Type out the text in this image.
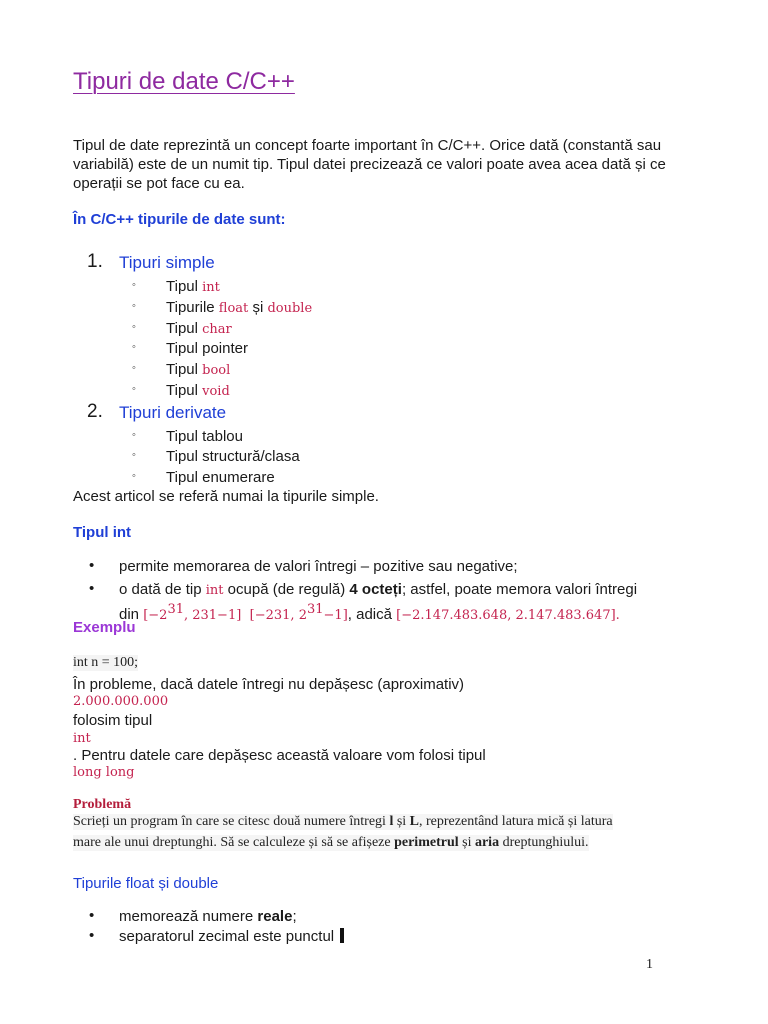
Tipuri de date C/C++
Tipul de date reprezintă un concept foarte important în C/C++. Orice dată (constantă sau variabilă) este de un numit tip. Tipul datei precizează ce valori poate avea acea dată și ce operații se pot face cu ea.
În C/C++ tipurile de date sunt:
1. Tipuri simple
◦ Tipul int
◦ Tipurile float și double
◦ Tipul char
◦ Tipul pointer
◦ Tipul bool
◦ Tipul void
2. Tipuri derivate
◦ Tipul tablou
◦ Tipul structură/clasa
◦ Tipul enumerare
Acest articol se referă numai la tipurile simple.
Tipul int
• permite memorarea de valori întregi – pozitive sau negative;
• o dată de tip int ocupă (de regulă) 4 octeți; astfel, poate memora valori întregi
din [$-2^{31}$, 231−1] [−231, $2^{31}-1$], adică [−2.147.483.648, 2.147.483.647].
Exemplu
int n = 100;
În probleme, dacă datele întregi nu depășesc (aproximativ)
2.000.000.000
folosim tipul
int
. Pentru datele care depășesc această valoare vom folosi tipul
long long
Problemă
Scrieți un program în care se citesc două numere întregi l și L, reprezentând latura mică și latura
mare ale unui dreptunghi. Să se calculeze și să se afișeze perimetrul și aria dreptunghiului.
Tipurile float și double
• memorează numere reale;
• separatorul zecimal este punctul
1
